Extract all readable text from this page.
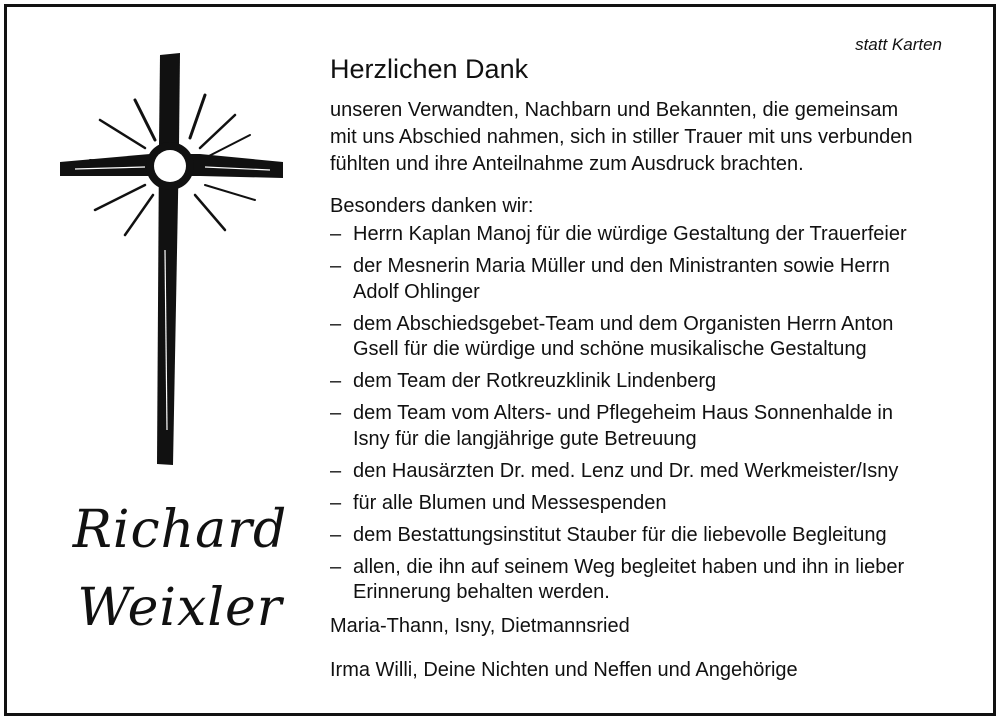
Richard
Weixler
statt Karten
Herzlichen Dank
unseren Verwandten, Nachbarn und Bekannten, die gemeinsam
mit uns Abschied nahmen, sich in stiller Trauer mit uns verbunden
fühlten und ihre Anteilnahme zum Ausdruck brachten.
Besonders danken wir:
– Herrn Kaplan Manoj für die würdige Gestaltung der Trauerfeier
– der Mesnerin Maria Müller und den Ministranten sowie Herrn
Adolf Ohlinger
– dem Abschiedsgebet-Team und dem Organisten Herrn Anton
Gsell für die würdige und schöne musikalische Gestaltung
– dem Team der Rotkreuzklinik Lindenberg
– dem Team vom Alters- und Pflegeheim Haus Sonnenhalde in
Isny für die langjährige gute Betreuung
– den Hausärzten Dr. med. Lenz und Dr. med Werkmeister/Isny
– für alle Blumen und Messespenden
– dem Bestattungsinstitut Stauber für die liebevolle Begleitung
– allen, die ihn auf seinem Weg begleitet haben und ihn in lieber
Erinnerung behalten werden.
Maria-Thann, Isny, Dietmannsried
Irma Willi, Deine Nichten und Neffen und Angehörige
